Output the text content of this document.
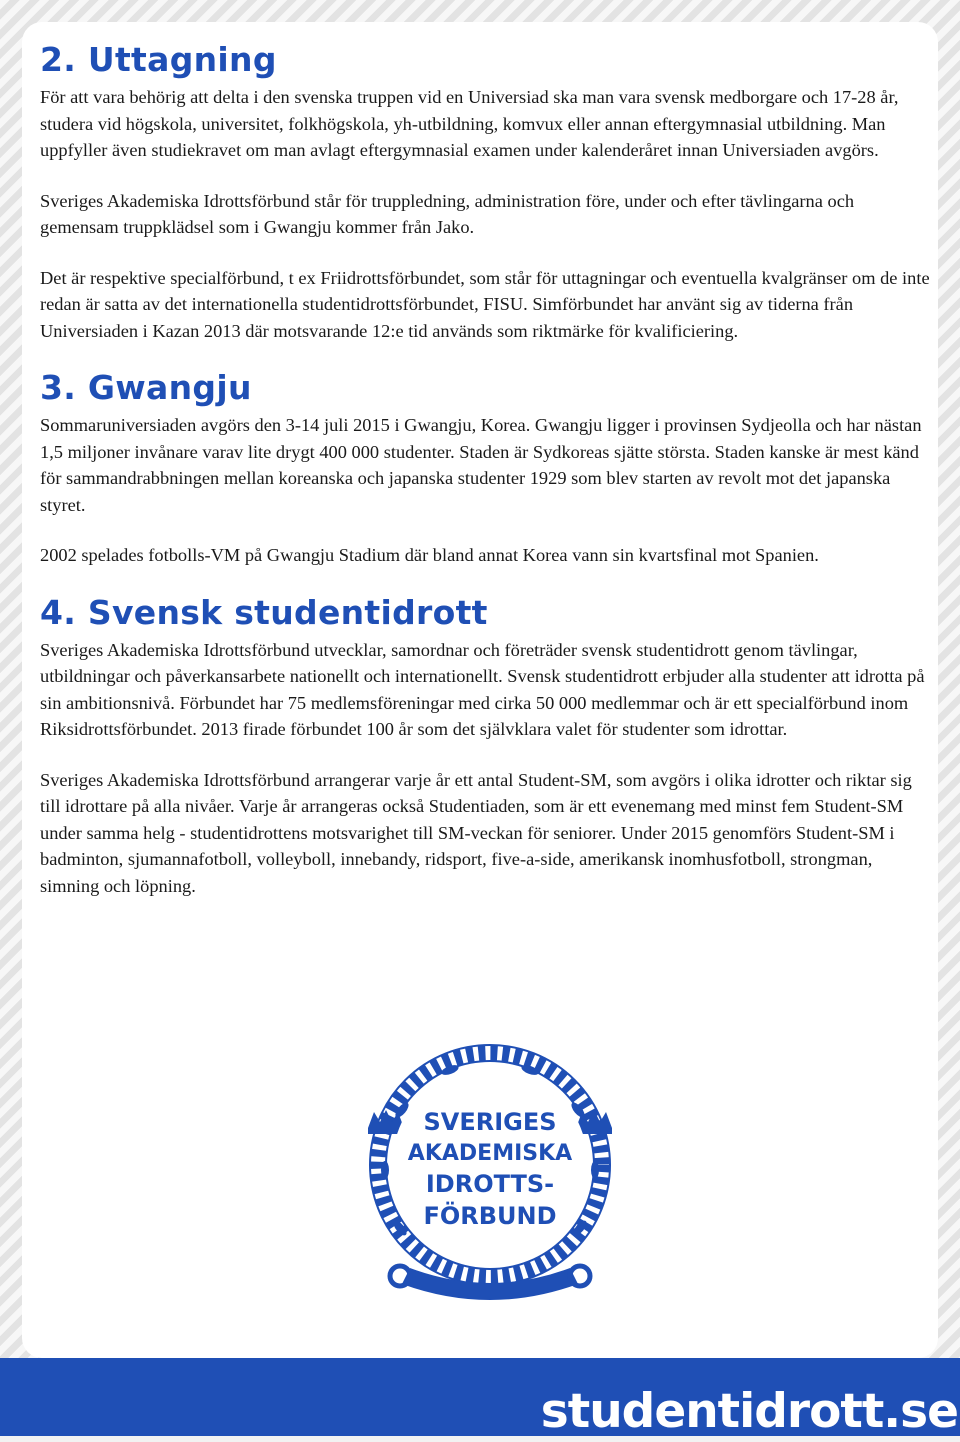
2. Uttagning

För att vara behörig att delta i den svenska truppen vid en Universiad ska man vara svensk medborgare och 17-28 år, studera vid högskola, universitet, folkhögskola, yh-utbildning, komvux eller annan eftergymnasial utbildning. Man uppfyller även studiekravet om man avlagt eftergymnasial examen under kalenderåret innan Universiaden avgörs.

Sveriges Akademiska Idrottsförbund står för truppledning, administration före, under och efter tävlingarna och gemensam truppklädsel som i Gwangju kommer från Jako.

Det är respektive specialförbund, t ex Friidrottsförbundet, som står för uttagningar och eventuella kvalgränser om de inte redan är satta av det internationella studentidrottsförbundet, FISU. Simförbundet har använt sig av tiderna från Universiaden i Kazan 2013 där motsvarande 12:e tid används som riktmärke för kvalificiering.

3. Gwangju

Sommaruniversiaden avgörs den 3-14 juli 2015 i Gwangju, Korea. Gwangju ligger i provinsen Sydjeolla och har nästan 1,5 miljoner invånare varav lite drygt 400 000 studenter. Staden är Sydkoreas sjätte största. Staden kanske är mest känd för sammandrabbningen mellan koreanska och japanska studenter 1929 som blev starten av revolt mot det japanska styret.

2002 spelades fotbolls-VM på Gwangju Stadium där bland annat Korea vann sin kvartsfinal mot Spanien.

4. Svensk studentidrott

Sveriges Akademiska Idrottsförbund utvecklar, samordnar och företräder svensk studentidrott genom tävlingar, utbildningar och påverkansarbete nationellt och internationellt. Svensk studentidrott erbjuder alla studenter att idrotta på sin ambitionsnivå. Förbundet har 75 medlemsföreningar med cirka 50 000 medlemmar och är ett specialförbund inom Riksidrottsförbundet. 2013 firade förbundet 100 år som det självklara valet för studenter som idrottar.

Sveriges Akademiska Idrottsförbund arrangerar varje år ett antal Student-SM, som avgörs i olika idrotter och riktar sig till idrottare på alla nivåer. Varje år arrangeras också Studentiaden, som är ett evenemang med minst fem Student-SM under samma helg - studentidrottens motsvarighet till SM-veckan för seniorer. Under 2015 genomförs Student-SM i badminton, sjumannafotboll, volleyboll, innebandy, ridsport, five-a-side, amerikansk inomhusfotboll, strongman, simning och löpning.

SVERIGES
AKADEMISKA
IDROTTS-
FÖRBUND
studentidrott.se
